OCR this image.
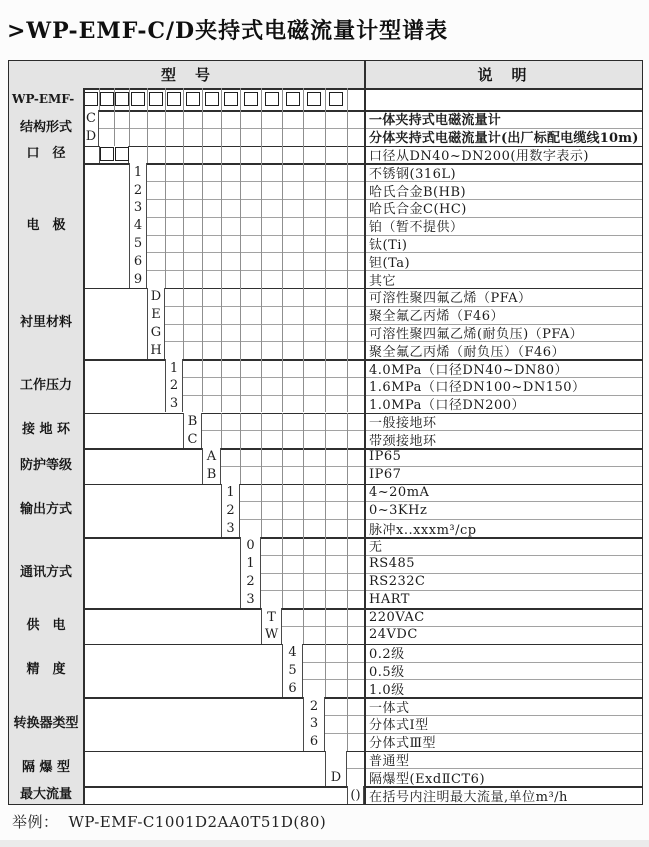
>WP-EMF-C/D夹持式电磁流量计型谱表
型　号	说　明
WP-EMF-
结构形式
C	一体夹持式电磁流量计
D	分体夹持式电磁流量计(出厂标配电缆线10m)
口　径	口径从DN40~DN200(用数字表示)
电　极
1	不锈钢(316L)
2	哈氏合金B(HB)
3	哈氏合金C(HC)
4	铂（暂不提供）
5	钛(Ti)
6	钽(Ta)
9	其它
衬里材料
D	可溶性聚四氟乙烯（PFA）
E	聚全氟乙丙烯（F46）
G	可溶性聚四氟乙烯(耐负压)（PFA）
H	聚全氟乙丙烯（耐负压）（F46）
工作压力
1	4.0MPa（口径DN40~DN80）
2	1.6MPa（口径DN100~DN150）
3	1.0MPa（口径DN200）
接 地 环
B	一般接地环
C	带颈接地环
防护等级
A	IP65
B	IP67
输出方式
1	4~20mA
2	0~3KHz
3	脉冲x..xxxm³/cp
通讯方式
0	无
1	RS485
2	RS232C
3	HART
供　电
T	220VAC
W	24VDC
精　度
4	0.2级
5	0.5级
6	1.0级
转换器类型
2	一体式
3	分体式Ⅰ型
6	分体式Ⅲ型
隔 爆 型	普通型
D	隔爆型(ExdⅡCT6)
最大流量	() 在括号内注明最大流量,单位m³/h
举例： WP-EMF-C1001D2AA0T51D(80)
